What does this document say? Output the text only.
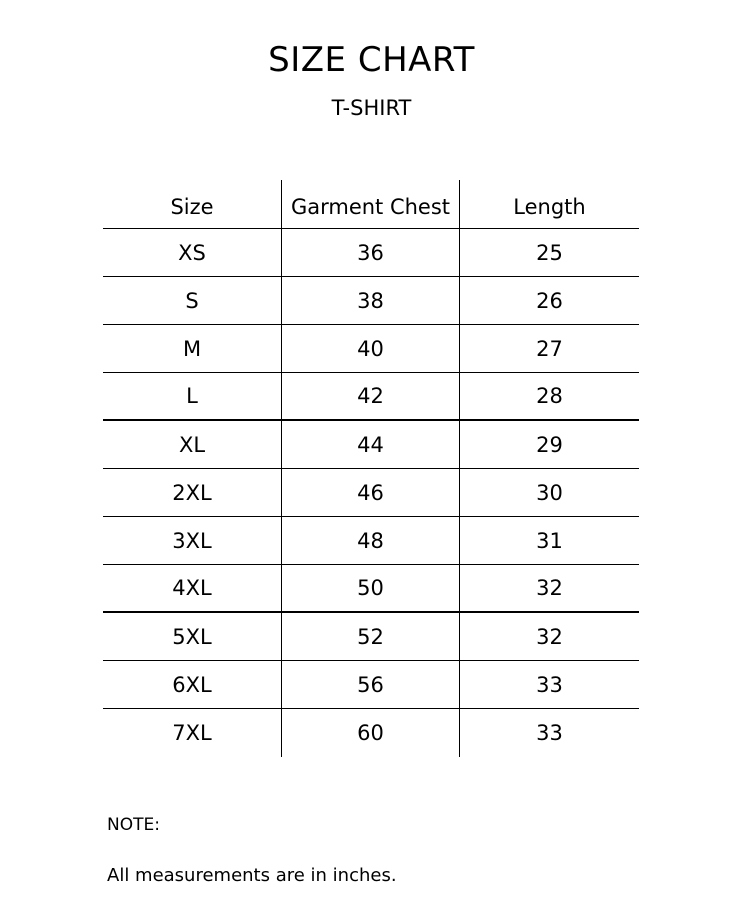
SIZE CHART
T-SHIRT
Size	Garment Chest	Length
XS	36	25
S	38	26
M	40	27
L	42	28
XL	44	29
2XL	46	30
3XL	48	31
4XL	50	32
5XL	52	32
6XL	56	33
7XL	60	33
NOTE:
All measurements are in inches.
